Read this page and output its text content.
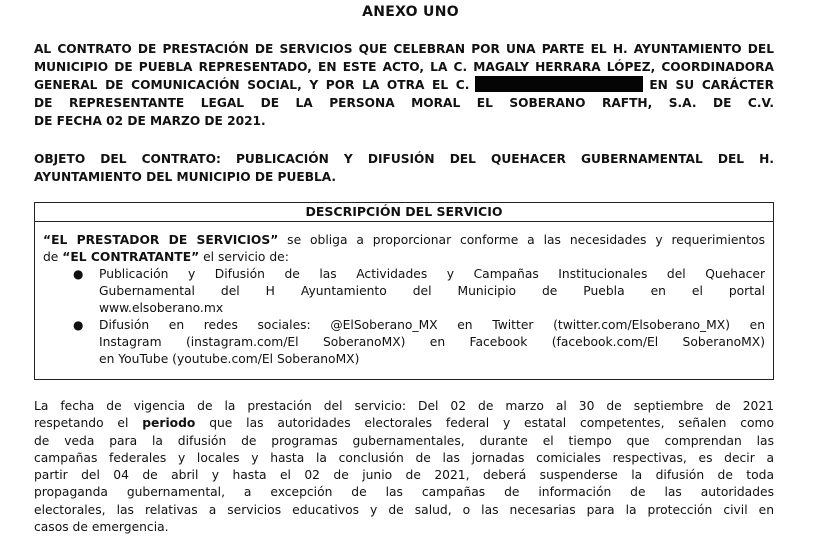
ANEXO UNO
AL CONTRATO DE PRESTACIÓN DE SERVICIOS QUE CELEBRAN POR UNA PARTE EL H. AYUNTAMIENTO DEL
MUNICIPIO DE PUEBLA REPRESENTADO, EN ESTE ACTO, LA C. MAGALY HERRARA LÓPEZ, COORDINADORA
GENERAL DE COMUNICACIÓN SOCIAL, Y POR LA OTRA EL C.	EN SU CARÁCTER
DE REPRESENTANTE LEGAL DE LA PERSONA MORAL EL SOBERANO RAFTH, S.A. DE C.V.
DE FECHA 02 DE MARZO DE 2021.
OBJETO DEL CONTRATO: PUBLICACIÓN Y DIFUSIÓN DEL QUEHACER GUBERNAMENTAL DEL H.
AYUNTAMIENTO DEL MUNICIPIO DE PUEBLA.
DESCRIPCIÓN DEL SERVICIO
“EL PRESTADOR DE SERVICIOS” se obliga a proporcionar conforme a las necesidades y requerimientos
de “EL CONTRATANTE” el servicio de:
● Publicación y Difusión de las Actividades y Campañas Institucionales del Quehacer
Gubernamental del H Ayuntamiento del Municipio de Puebla en el portal
www.elsoberano.mx
● Difusión en redes sociales: @ElSoberano_MX en Twitter (twitter.com/Elsoberano_MX) en
Instagram (instagram.com/El SoberanoMX) en Facebook (facebook.com/El SoberanoMX)
en YouTube (youtube.com/El SoberanoMX)
La fecha de vigencia de la prestación del servicio: Del 02 de marzo al 30 de septiembre de 2021
respetando el periodo que las autoridades electorales federal y estatal competentes, señalen como
de veda para la difusión de programas gubernamentales, durante el tiempo que comprendan las
campañas federales y locales y hasta la conclusión de las jornadas comiciales respectivas, es decir a
partir del 04 de abril y hasta el 02 de junio de 2021, deberá suspenderse la difusión de toda
propaganda gubernamental, a excepción de las campañas de información de las autoridades
electorales, las relativas a servicios educativos y de salud, o las necesarias para la protección civil en
casos de emergencia.
